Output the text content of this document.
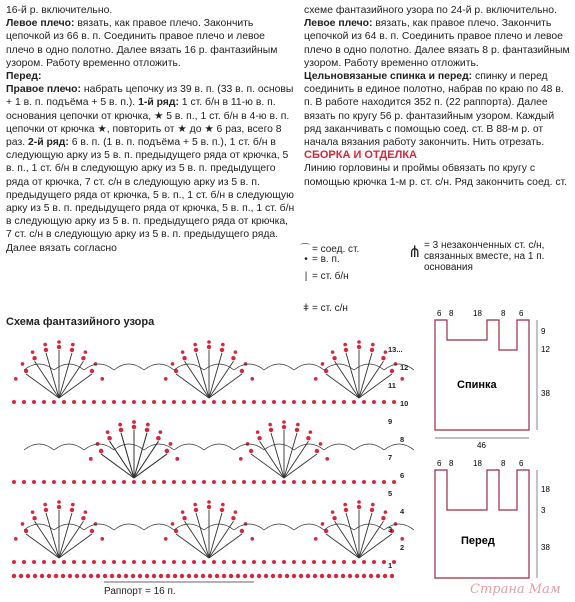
16-й р. включительно.

Левое плечо: вязать, как правое плечо. Закончить цепочкой из 66 в. п. Соединить правое плечо и левое плечо в одно полотно. Далее вязать 16 р. фантазийным узором. Работу временно отложить.

Перед:

Правое плечо: набрать цепочку из 39 в. п. (33 в. п. основы + 1 в. п. подъёма + 5 в. п.). 1-й ряд: 1 ст. б/н в 11-ю в. п. основания цепочки от крючка, ★ 5 в. п., 1 ст. б/н в 4-ю в. п. цепочки от крючка ★, повторить от ★ до ★ 6 раз, всего 8 раз. 2-й ряд: 6 в. п. (1 в. п. подъёма + 5 в. п.), 1 ст. б/н в следующую арку из 5 в. п. предыдущего ряда от крючка, 5 в. п., 1 ст. б/н в следующую арку из 5 в. п. предыдущего ряда от крючка, 7 ст. с/н в следующую арку из 5 в. п. предыдущего ряда от крючка, 5 в. п., 1 ст. б/н в следующую арку из 5 в. п. предыдущего ряда от крючка, 5 в. п., 1 ст. б/н в следующую арку из 5 в. п. предыдущего ряда от крючка, 7 ст. с/н в следующую арку из 5 в. п. предыдущего ряда. Далее вязать согласно

схеме фантазийного узора по 24-й р. включительно.

Левое плечо: вязать, как правое плечо. Закончить цепочкой из 64 в. п. Соединить правое плечо и левое плечо в одно полотно. Далее вязать 8 р. фантазийным узором. Работу временно отложить.

Цельновязаные спинка и перед: спинку и перед соединить в единое полотно, набрав по краю по 48 в. п. В работе находится 352 п. (22 раппорта). Далее вязать по кругу 56 р. фантазийным узором. Каждый ряд заканчивать с помощью соед. ст. В 88-м р. от начала вязания работу закончить. Нить отрезать.

СБОРКА И ОТДЕЛКА

Линию горловины и проймы обвязать по кругу с помощью крючка 1-м р. ст. с/н. Ряд закончить соед. ст.

⌒ = соед. ст.
• = в. п.
| = ст. б/н
ǂ = ст. с/н
⋔ = 3 незаконченных ст. с/н, связанных вместе, на 1 п. основания
Схема фантазийного узора
1
2
3
4
5
6
7
8
9
10
11
12
13...
Раппорт = 16 п.
Спинка
6 8 18 8 6
9
12
38
46
Перед
6 8 18 8 6
18
3
38
Страна Мам
